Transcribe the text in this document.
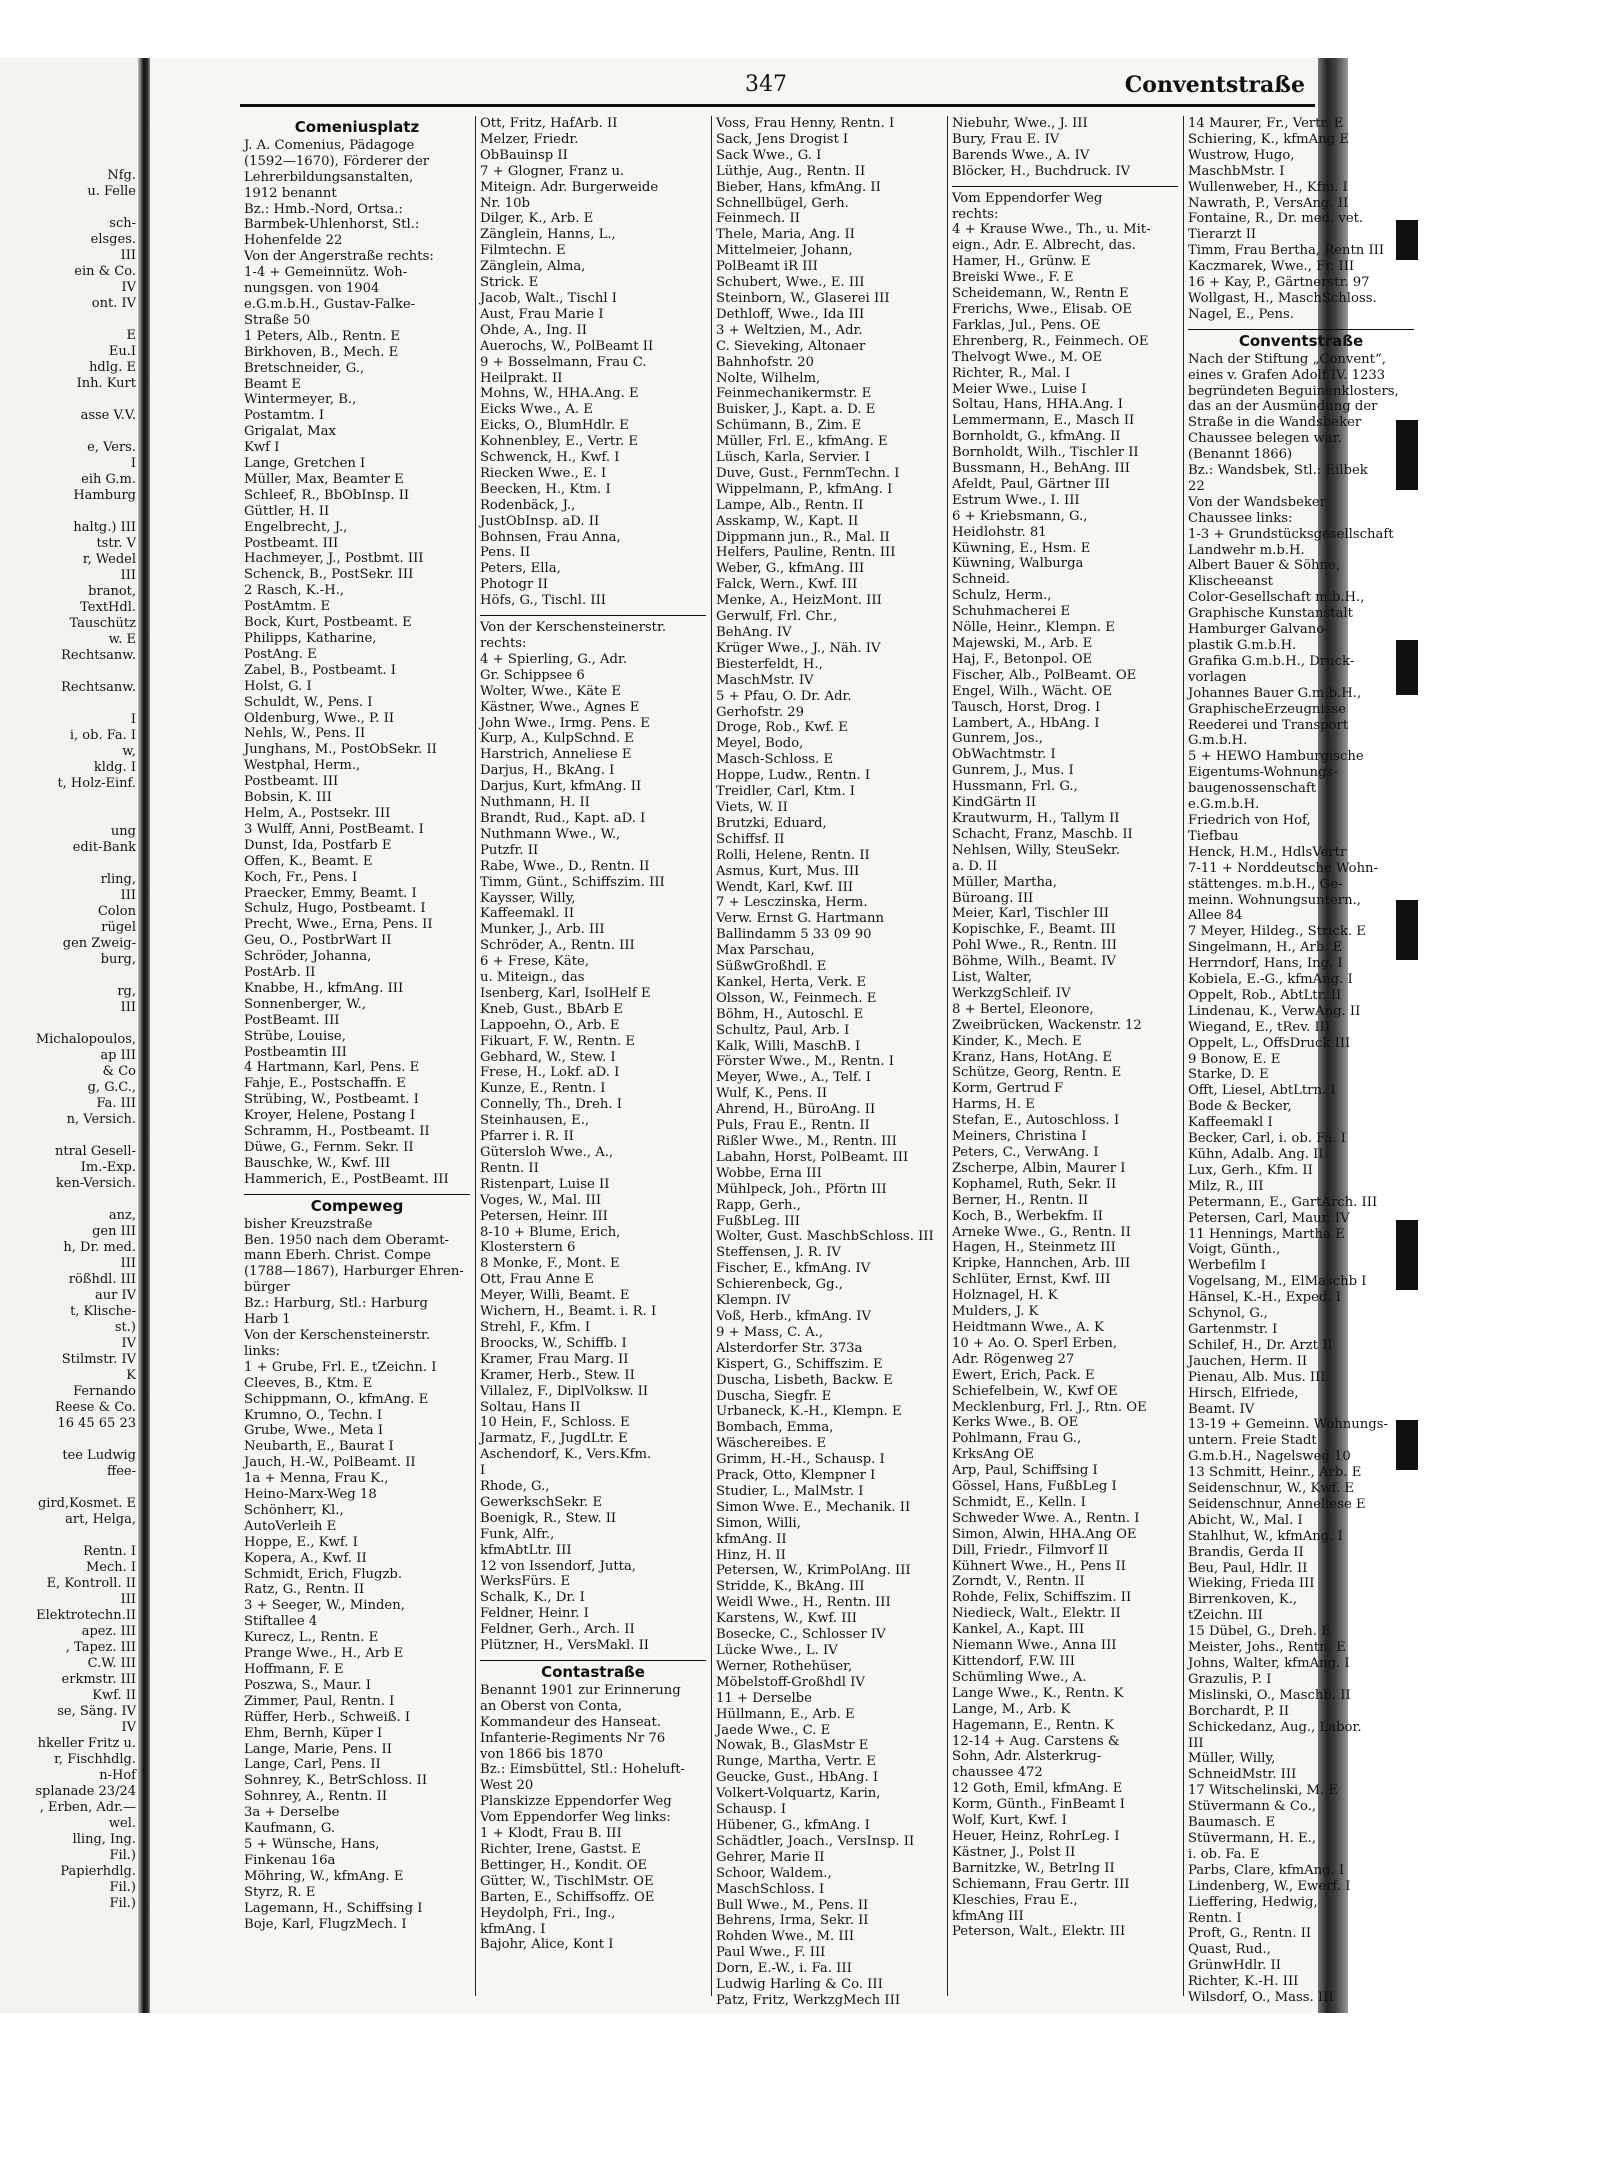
Nfg.
u. Felle

sch-
elsges.
III
ein & Co.
IV
ont. IV

E
Eu.I
hdlg. E
Inh. Kurt

asse V.V.

e, Vers.
I
eih G.m.
Hamburg

haltg.) III
tstr. V
r, Wedel
III
branot,
TextHdl.
Tauschütz
w. E
Rechtsanw.

Rechtsanw.

I
i, ob. Fa. I
w,
kldg. I
t, Holz-Einf.

ung
edit-Bank

rling,
III
Colon
rügel
gen Zweig-
burg,

rg,
III

Michalopoulos,
ap III
& Co
g, G.C.,
Fa. III
n, Versich.

ntral Gesell-
Im.-Exp.
ken-Versich.

anz,
gen III
h, Dr. med.
III
rößhdl. III
aur IV
t, Klische-
st.)
IV
Stilmstr. IV
K
Fernando
Reese & Co.
16 45 65 23

tee Ludwig
ffee-

gird,Kosmet. E
art, Helga,

Rentn. I
Mech. I
E, Kontroll. II
III
Elektrotechn.II
apez. III
, Tapez. III
C.W. III
erkmstr. III
Kwf. II
se, Säng. IV
IV
hkeller Fritz u.
r, Fischhdlg.
n-Hof
splanade 23/24
, Erben, Adr.—
wel.
lling, Ing.
Fil.)
Papierhdlg.
Fil.)
Fil.)
347	Conventstraße
Comeniusplatz
J. A. Comenius, Pädagoge
(1592—1670), Förderer der
Lehrerbildungsanstalten,
1912 benannt
Bz.: Hmb.-Nord, Ortsa.:
Barmbek-Uhlenhorst, Stl.:
Hohenfelde 22
Von der Angerstraße rechts:
1-4 + Gemeinnütz. Woh-
nungsgen. von 1904
e.G.m.b.H., Gustav-Falke-
Straße 50
1 Peters, Alb., Rentn. E
Birkhoven, B., Mech. E
Bretschneider, G.,
Beamt E
Wintermeyer, B.,
Postamtm. I
Grigalat, Max
Kwf I
Lange, Gretchen I
Müller, Max, Beamter E
Schleef, R., BbObInsp. II
Güttler, H. II
Engelbrecht, J.,
Postbeamt. III
Hachmeyer, J., Postbmt. III
Schenck, B., PostSekr. III
2 Rasch, K.-H.,
PostAmtm. E
Bock, Kurt, Postbeamt. E
Philipps, Katharine,
PostAng. E
Zabel, B., Postbeamt. I
Holst, G. I
Schuldt, W., Pens. I
Oldenburg, Wwe., P. II
Nehls, W., Pens. II
Junghans, M., PostObSekr. II
Westphal, Herm.,
Postbeamt. III
Bobsin, K. III
Helm, A., Postsekr. III
3 Wulff, Anni, PostBeamt. I
Dunst, Ida, Postfarb E
Offen, K., Beamt. E
Koch, Fr., Pens. I
Praecker, Emmy, Beamt. I
Schulz, Hugo, Postbeamt. I
Precht, Wwe., Erna, Pens. II
Geu, O., PostbrWart II
Schröder, Johanna,
PostArb. II
Knabbe, H., kfmAng. III
Sonnenberger, W.,
PostBeamt. III
Strübe, Louise,
Postbeamtin III
4 Hartmann, Karl, Pens. E
Fahje, E., Postschaffn. E
Strübing, W., Postbeamt. I
Kroyer, Helene, Postang I
Schramm, H., Postbeamt. II
Düwe, G., Fernm. Sekr. II
Bauschke, W., Kwf. III
Hammerich, E., PostBeamt. III
Compeweg
bisher Kreuzstraße
Ben. 1950 nach dem Oberamt-
mann Eberh. Christ. Compe
(1788—1867), Harburger Ehren-
bürger
Bz.: Harburg, Stl.: Harburg
Harb 1
Von der Kerschensteinerstr.
links:
1 + Grube, Frl. E., tZeichn. I
Cleeves, B., Ktm. E
Schippmann, O., kfmAng. E
Krumno, O., Techn. I
Grube, Wwe., Meta I
Neubarth, E., Baurat I
Jauch, H.-W., PolBeamt. II
1a + Menna, Frau K.,
Heino-Marx-Weg 18
Schönherr, Kl.,
AutoVerleih E
Hoppe, E., Kwf. I
Kopera, A., Kwf. II
Schmidt, Erich, Flugzb.
Ratz, G., Rentn. II
3 + Seeger, W., Minden,
Stiftallee 4
Kurecz, L., Rentn. E
Prange Wwe., H., Arb E
Hoffmann, F. E
Poszwa, S., Maur. I
Zimmer, Paul, Rentn. I
Rüffer, Herb., Schweiß. I
Ehm, Bernh, Küper I
Lange, Marie, Pens. II
Lange, Carl, Pens. II
Sohnrey, K., BetrSchloss. II
Sohnrey, A., Rentn. II
3a + Derselbe
Kaufmann, G.
5 + Wünsche, Hans,
Finkenau 16a
Möhring, W., kfmAng. E
Styrz, R. E
Lagemann, H., Schiffsing I
Boje, Karl, FlugzMech. I
Ott, Fritz, HafArb. II
Melzer, Friedr.
ObBauinsp II
7 + Glogner, Franz u.
Miteign. Adr. Burgerweide
Nr. 10b
Dilger, K., Arb. E
Zänglein, Hanns, L.,
Filmtechn. E
Zänglein, Alma,
Strick. E
Jacob, Walt., Tischl I
Aust, Frau Marie I
Ohde, A., Ing. II
Auerochs, W., PolBeamt II
9 + Bosselmann, Frau C.
Heilprakt. II
Mohns, W., HHA.Ang. E
Eicks Wwe., A. E
Eicks, O., BlumHdlr. E
Kohnenbley, E., Vertr. E
Schwenck, H., Kwf. I
Riecken Wwe., E. I
Beecken, H., Ktm. I
Rodenbäck, J.,
JustObInsp. aD. II
Bohnsen, Frau Anna,
Pens. II
Peters, Ella,
Photogr II
Höfs, G., Tischl. III
Von der Kerschensteinerstr.
rechts:
4 + Spierling, G., Adr.
Gr. Schippsee 6
Wolter, Wwe., Käte E
Kästner, Wwe., Agnes E
John Wwe., Irmg. Pens. E
Kurp, A., KulpSchnd. E
Harstrich, Anneliese E
Darjus, H., BkAng. I
Darjus, Kurt, kfmAng. II
Nuthmann, H. II
Brandt, Rud., Kapt. aD. I
Nuthmann Wwe., W.,
Putzfr. II
Rabe, Wwe., D., Rentn. II
Timm, Günt., Schiffszim. III
Kaysser, Willy,
Kaffeemakl. II
Munker, J., Arb. III
Schröder, A., Rentn. III
6 + Frese, Käte,
u. Miteign., das
Isenberg, Karl, IsolHelf E
Kneb, Gust., BbArb E
Lappoehn, O., Arb. E
Fikuart, F. W., Rentn. E
Gebhard, W., Stew. I
Frese, H., Lokf. aD. I
Kunze, E., Rentn. I
Connelly, Th., Dreh. I
Steinhausen, E.,
Pfarrer i. R. II
Gütersloh Wwe., A.,
Rentn. II
Ristenpart, Luise II
Voges, W., Mal. III
Petersen, Heinr. III
8-10 + Blume, Erich,
Klosterstern 6
8 Monke, F., Mont. E
Ott, Frau Anne E
Meyer, Willi, Beamt. E
Wichern, H., Beamt. i. R. I
Strehl, F., Kfm. I
Broocks, W., Schiffb. I
Kramer, Frau Marg. II
Kramer, Herb., Stew. II
Villalez, F., DiplVolksw. II
Soltau, Hans II
10 Hein, F., Schloss. E
Jarmatz, F., JugdLtr. E
Aschendorf, K., Vers.Kfm.
I
Rhode, G.,
GewerkschSekr. E
Boenigk, R., Stew. II
Funk, Alfr.,
kfmAbtLtr. III
12 von Issendorf, Jutta,
WerksFürs. E
Schalk, K., Dr. I
Feldner, Heinr. I
Feldner, Gerh., Arch. II
Plützner, H., VersMakl. II
Contastraße
Benannt 1901 zur Erinnerung
an Oberst von Conta,
Kommandeur des Hanseat.
Infanterie-Regiments Nr 76
von 1866 bis 1870
Bz.: Eimsbüttel, Stl.: Hoheluft-
West 20
Planskizze Eppendorfer Weg
Vom Eppendorfer Weg links:
1 + Klodt, Frau B. III
Richter, Irene, Gastst. E
Bettinger, H., Kondit. OE
Gütter, W., TischlMstr. OE
Barten, E., Schiffsoffz. OE
Heydolph, Fri., Ing.,
kfmAng. I
Bajohr, Alice, Kont I
Voss, Frau Henny, Rentn. I
Sack, Jens Drogist I
Sack Wwe., G. I
Lüthje, Aug., Rentn. II
Bieber, Hans, kfmAng. II
Schnellbügel, Gerh.
Feinmech. II
Thele, Maria, Ang. II
Mittelmeier, Johann,
PolBeamt iR III
Schubert, Wwe., E. III
Steinborn, W., Glaserei III
Dethloff, Wwe., Ida III
3 + Weltzien, M., Adr.
C. Sieveking, Altonaer
Bahnhofstr. 20
Nolte, Wilhelm,
Feinmechanikermstr. E
Buisker, J., Kapt. a. D. E
Schümann, B., Zim. E
Müller, Frl. E., kfmAng. E
Lüsch, Karla, Servier. I
Duve, Gust., FernmTechn. I
Wippelmann, P., kfmAng. I
Lampe, Alb., Rentn. II
Asskamp, W., Kapt. II
Dippmann jun., R., Mal. II
Helfers, Pauline, Rentn. III
Weber, G., kfmAng. III
Falck, Wern., Kwf. III
Menke, A., HeizMont. III
Gerwulf, Frl. Chr.,
BehAng. IV
Krüger Wwe., J., Näh. IV
Biesterfeldt, H.,
MaschMstr. IV
5 + Pfau, O. Dr. Adr.
Gerhofstr. 29
Droge, Rob., Kwf. E
Meyel, Bodo,
Masch-Schloss. E
Hoppe, Ludw., Rentn. I
Treidler, Carl, Ktm. I
Viets, W. II
Brutzki, Eduard,
Schiffsf. II
Rolli, Helene, Rentn. II
Asmus, Kurt, Mus. III
Wendt, Karl, Kwf. III
7 + Lesczinska, Herm.
Verw. Ernst G. Hartmann
Ballindamm 5 33 09 90
Max Parschau,
SüßwGroßhdl. E
Kankel, Herta, Verk. E
Olsson, W., Feinmech. E
Böhm, H., Autoschl. E
Schultz, Paul, Arb. I
Kalk, Willi, MaschB. I
Förster Wwe., M., Rentn. I
Meyer, Wwe., A., Telf. I
Wulf, K., Pens. II
Ahrend, H., BüroAng. II
Puls, Frau E., Rentn. II
Rißler Wwe., M., Rentn. III
Labahn, Horst, PolBeamt. III
Wobbe, Erna III
Mühlpeck, Joh., Pförtn III
Rapp, Gerh.,
FußbLeg. III
Wolter, Gust. MaschbSchloss. III
Steffensen, J. R. IV
Fischer, E., kfmAng. IV
Schierenbeck, Gg.,
Klempn. IV
Voß, Herb., kfmAng. IV
9 + Mass, C. A.,
Alsterdorfer Str. 373a
Kispert, G., Schiffszim. E
Duscha, Lisbeth, Backw. E
Duscha, Siegfr. E
Urbaneck, K.-H., Klempn. E
Bombach, Emma,
Wäschereibes. E
Grimm, H.-H., Schausp. I
Prack, Otto, Klempner I
Studier, L., MalMstr. I
Simon Wwe. E., Mechanik. II
Simon, Willi,
kfmAng. II
Hinz, H. II
Petersen, W., KrimPolAng. III
Stridde, K., BkAng. III
Weidl Wwe., H., Rentn. III
Karstens, W., Kwf. III
Bosecke, C., Schlosser IV
Lücke Wwe., L. IV
Werner, Rothehüser,
Möbelstoff-Großhdl IV
11 + Derselbe
Hüllmann, E., Arb. E
Jaede Wwe., C. E
Nowak, B., GlasMstr E
Runge, Martha, Vertr. E
Geucke, Gust., HbAng. I
Volkert-Volquartz, Karin,
Schausp. I
Hübener, G., kfmAng. I
Schädtler, Joach., VersInsp. II
Gehrer, Marie II
Schoor, Waldem.,
MaschSchloss. I
Bull Wwe., M., Pens. II
Behrens, Irma, Sekr. II
Rohden Wwe., M. III
Paul Wwe., F. III
Dorn, E.-W., i. Fa. III
Ludwig Harling & Co. III
Patz, Fritz, WerkzgMech III
Niebuhr, Wwe., J. III
Bury, Frau E. IV
Barends Wwe., A. IV
Blöcker, H., Buchdruck. IV
Vom Eppendorfer Weg
rechts:
4 + Krause Wwe., Th., u. Mit-
eign., Adr. E. Albrecht, das.
Hamer, H., Grünw. E
Breiski Wwe., F. E
Scheidemann, W., Rentn E
Frerichs, Wwe., Elisab. OE
Farklas, Jul., Pens. OE
Ehrenberg, R., Feinmech. OE
Thelvogt Wwe., M. OE
Richter, R., Mal. I
Meier Wwe., Luise I
Soltau, Hans, HHA.Ang. I
Lemmermann, E., Masch II
Bornholdt, G., kfmAng. II
Bornholdt, Wilh., Tischler II
Bussmann, H., BehAng. III
Afeldt, Paul, Gärtner III
Estrum Wwe., I. III
6 + Kriebsmann, G.,
Heidlohstr. 81
Küwning, E., Hsm. E
Küwning, Walburga
Schneid.
Schulz, Herm.,
Schuhmacherei E
Nölle, Heinr., Klempn. E
Majewski, M., Arb. E
Haj, F., Betonpol. OE
Fischer, Alb., PolBeamt. OE
Engel, Wilh., Wächt. OE
Tausch, Horst, Drog. I
Lambert, A., HbAng. I
Gunrem, Jos.,
ObWachtmstr. I
Gunrem, J., Mus. I
Hussmann, Frl. G.,
KindGärtn II
Krautwurm, H., Tallym II
Schacht, Franz, Maschb. II
Nehlsen, Willy, SteuSekr.
a. D. II
Müller, Martha,
Büroang. III
Meier, Karl, Tischler III
Kopischke, F., Beamt. III
Pohl Wwe., R., Rentn. III
Böhme, Wilh., Beamt. IV
List, Walter,
WerkzgSchleif. IV
8 + Bertel, Eleonore,
Zweibrücken, Wackenstr. 12
Kinder, K., Mech. E
Kranz, Hans, HotAng. E
Schütze, Georg, Rentn. E
Korm, Gertrud F
Harms, H. E
Stefan, E., Autoschloss. I
Meiners, Christina I
Peters, C., VerwAng. I
Zscherpe, Albin, Maurer I
Kophamel, Ruth, Sekr. II
Berner, H., Rentn. II
Koch, B., Werbekfm. II
Arneke Wwe., G., Rentn. II
Hagen, H., Steinmetz III
Kripke, Hannchen, Arb. III
Schlüter, Ernst, Kwf. III
Holznagel, H. K
Mulders, J. K
Heidtmann Wwe., A. K
10 + Ao. O. Sperl Erben,
Adr. Rögenweg 27
Ewert, Erich, Pack. E
Schiefelbein, W., Kwf OE
Mecklenburg, Frl. J., Rtn. OE
Kerks Wwe., B. OE
Pohlmann, Frau G.,
KrksAng OE
Arp, Paul, Schiffsing I
Gössel, Hans, FußbLeg I
Schmidt, E., Kelln. I
Schweder Wwe. A., Rentn. I
Simon, Alwin, HHA.Ang OE
Dill, Friedr., Filmvorf II
Kühnert Wwe., H., Pens II
Zorndt, V., Rentn. II
Rohde, Felix, Schiffszim. II
Niedieck, Walt., Elektr. II
Kankel, A., Kapt. III
Niemann Wwe., Anna III
Kittendorf, F.W. III
Schümling Wwe., A.
Lange Wwe., K., Rentn. K
Lange, M., Arb. K
Hagemann, E., Rentn. K
12-14 + Aug. Carstens &
Sohn, Adr. Alsterkrug-
chaussee 472
12 Goth, Emil, kfmAng. E
Korm, Günth., FinBeamt I
Wolf, Kurt, Kwf. I
Heuer, Heinz, RohrLeg. I
Kästner, J., Polst II
Barnitzke, W., BetrIng II
Schiemann, Frau Gertr. III
Kleschies, Frau E.,
kfmAng III
Peterson, Walt., Elektr. III
14 Maurer, Fr., Vertr. E
Schiering, K., kfmAng E
Wustrow, Hugo,
MaschbMstr. I
Wullenweber, H., Kfm. I
Nawrath, P., VersAng. II
Fontaine, R., Dr. med. vet.
Tierarzt II
Timm, Frau Bertha, Rentn III
Kaczmarek, Wwe., Fr. III
16 + Kay, P., Gärtnerstr. 97
Wollgast, H., MaschSchloss.
Nagel, E., Pens.
Conventstraße
Nach der Stiftung „Convent“,
eines v. Grafen Adolf IV. 1233
begründeten Beguinenklosters,
das an der Ausmündung der
Straße in die Wandsbeker
Chaussee belegen war.
(Benannt 1866)
Bz.: Wandsbek, Stl.: Eilbek
22
Von der Wandsbeker
Chaussee links:
1-3 + Grundstücksgesellschaft
Landwehr m.b.H.
Albert Bauer & Söhne,
Klischeeanst
Color-Gesellschaft m.b.H.,
Graphische Kunstanstalt
Hamburger Galvano-
plastik G.m.b.H.
Grafika G.m.b.H., Druck-
vorlagen
Johannes Bauer G.m.b.H.,
GraphischeErzeugnisse
Reederei und Transport
G.m.b.H.
5 + HEWO Hamburgische
Eigentums-Wohnungs-
baugenossenschaft
e.G.m.b.H.
Friedrich von Hof,
Tiefbau
Henck, H.M., HdlsVertr
7-11 + Norddeutsche Wohn-
stättenges. m.b.H., Ge-
meinn. Wohnungsuntern.,
Allee 84
7 Meyer, Hildeg., Strick. E
Singelmann, H., Arb. E
Herrndorf, Hans, Ing. I
Kobiela, E.-G., kfmAng. I
Oppelt, Rob., AbtLtr. II
Lindenau, K., VerwAng. II
Wiegand, E., tRev. III
Oppelt, L., OffsDruck III
9 Bonow, E. E
Starke, D. E
Offt, Liesel, AbtLtrn. I
Bode & Becker,
Kaffeemakl I
Becker, Carl, i. ob. Fa. I
Kühn, Adalb. Ang. II
Lux, Gerh., Kfm. II
Milz, R., III
Petermann, E., GartArch. III
Petersen, Carl, Maur. IV
11 Hennings, Martha E
Voigt, Günth.,
Werbefilm I
Vogelsang, M., ElMaschb I
Hänsel, K.-H., Exped. I
Schynol, G.,
Gartenmstr. I
Schilef, H., Dr. Arzt II
Jauchen, Herm. II
Pienau, Alb. Mus. III
Hirsch, Elfriede,
Beamt. IV
13-19 + Gemeinn. Wohnungs-
untern. Freie Stadt
G.m.b.H., Nagelsweg 10
13 Schmitt, Heinr., Arb. E
Seidenschnur, W., Kwf. E
Seidenschnur, Anneliese E
Abicht, W., Mal. I
Stahlhut, W., kfmAng. I
Brandis, Gerda II
Beu, Paul, Hdlr. II
Wieking, Frieda III
Birrenkoven, K.,
tZeichn. III
15 Dübel, G., Dreh. E
Meister, Johs., Rentn. E
Johns, Walter, kfmAng. I
Grazulis, P. I
Mislinski, O., Maschb. II
Borchardt, P. II
Schickedanz, Aug., Labor.
III
Müller, Willy,
SchneidMstr. III
17 Witschelinski, M. E
Stüvermann & Co.,
Baumasch. E
Stüvermann, H. E.,
i. ob. Fa. E
Parbs, Clare, kfmAng. I
Lindenberg, W., Ewerf. I
Lieffering, Hedwig,
Rentn. I
Proft, G., Rentn. II
Quast, Rud.,
GrünwHdlr. II
Richter, K.-H. III
Wilsdorf, O., Mass. III
